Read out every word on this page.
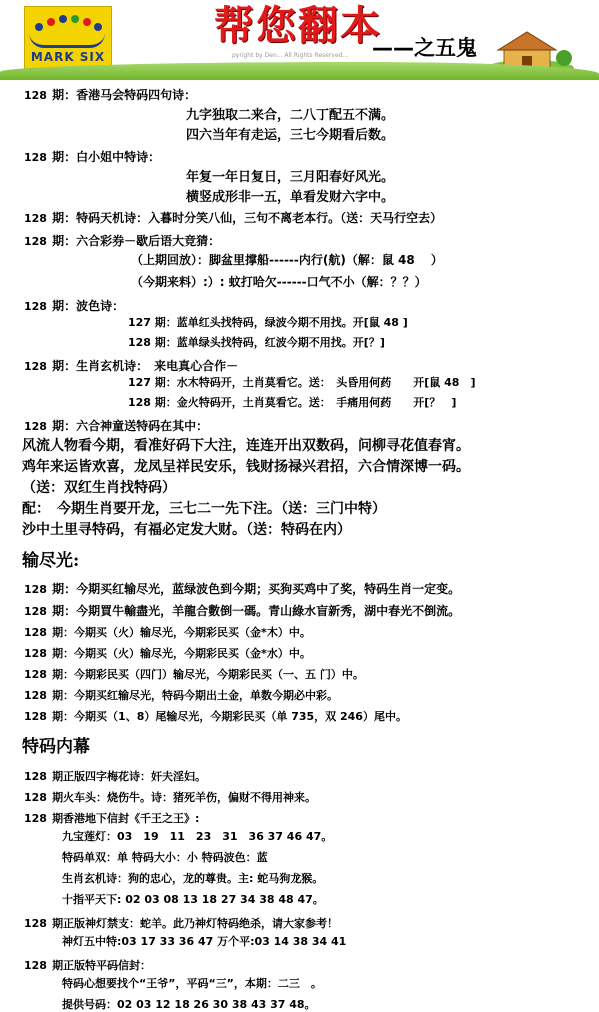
MARK SIX
帮您翻本
——之五鬼
pyright by Den... All Rights Reserved...
128 期：香港马会特码四句诗：
九字独取二来合，二八丁配五不满。
四六当年有走运，三七今期看后数。
128 期：白小姐中特诗：
年复一年日复日，三月阳春好风光。
横竖成形非一五，单看发财六字中。
128 期：特码天机诗：入暮时分笑八仙，三句不离老本行。（送：天马行空去）
128 期：六合彩券－歇后语大竞猜：
（上期回放）：脚盆里撑船------内行(航)（解：鼠 48　 ）
（今期来料）:）: 蚊打哈欠------口气不小（解：？？）
128 期：波色诗：
127 期：蓝单红头找特码，绿波今期不用找。开[鼠 48 ]
128 期：蓝单绿头找特码，红波今期不用找。开[？]
128 期：生肖玄机诗：　来电真心合作－
127 期：水木特码开，土肖莫看它。送：　头昏用何药　　开[鼠 48　]
128 期：金火特码开，土肖莫看它。送：　手痛用何药　　开[？　]
128 期：六合神童送特码在其中：
风流人物看今期，看准好码下大注，连连开出双数码，问柳寻花值春宵。
鸡年来运皆欢喜，龙凤呈祥民安乐，钱财扬禄兴君招，六合情深博一码。
（送：双红生肖找特码）
配：　今期生肖要开龙，三七二一先下注。（送：三门中特）
沙中土里寻特码，有福必定发大财。（送：特码在内）
输尽光:
128 期：今期买红输尽光，蓝绿波色到今期；买狗买鸡中了奖，特码生肖一定变。
128 期：今期買牛輸盡光，羊龍合數倒一碼。青山綠水盲新秀，湖中春光不倒流。
128 期：今期买（火）输尽光，今期彩民买（金*木）中。
128 期：今期买（火）输尽光，今期彩民买（金*水）中。
128 期：今期彩民买（四门）输尽光，今期彩民买（一、五 门）中。
128 期：今期买红输尽光，特码今期出土金，单数今期必中彩。
128 期：今期买（1、8）尾输尽光，今期彩民买（单 735，双 246）尾中。
特码内幕
128 期正版四字梅花诗：奸夫淫妇。
128 期火车头：烧伤牛。诗：猪死羊伤，偏财不得用神来。
128 期香港地下信封《千王之王》:
九宝莲灯：03　19　11　23　31　36 37 46 47。
特码单双：单 特码大小：小 特码波色：蓝
生肖玄机诗：狗的忠心，龙的尊贵。主: 蛇马狗龙猴。
十指平天下: 02 03 08 13 18 27 34 38 48 47。
128 期正版神灯禁支：蛇羊。此乃神灯特码绝杀，请大家参考！
神灯五中特:03 17 33 36 47 万个平:03 14 38 34 41
128 期正版特平码信封：
特码心想要找个“王爷”，平码“三”，本期：二三　。
提供号码：02 03 12 18 26 30 38 43 37 48。
